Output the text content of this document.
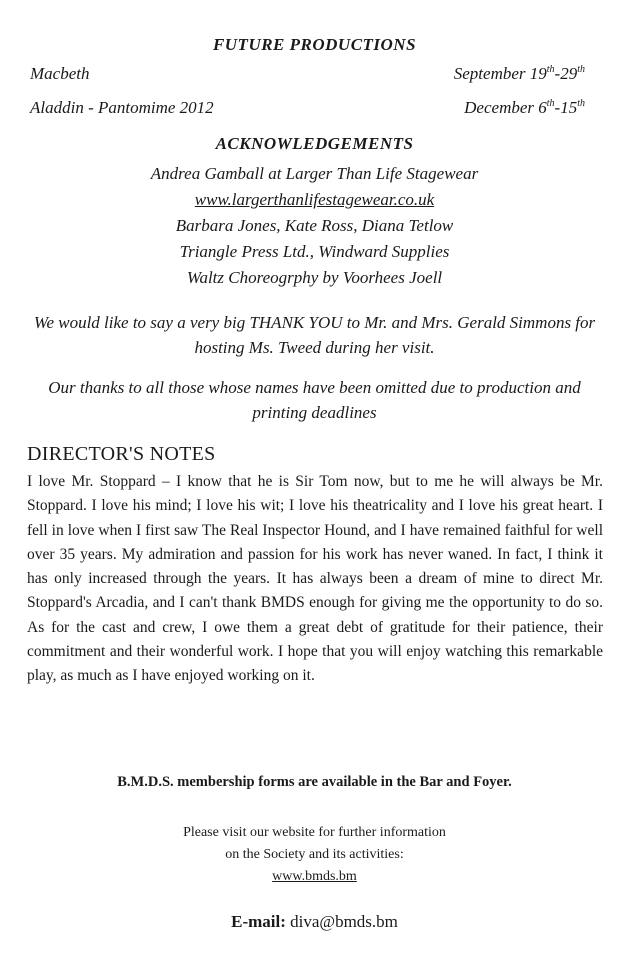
FUTURE PRODUCTIONS
Macbeth	September 19th-29th
Aladdin - Pantomime 2012	December 6th-15th
ACKNOWLEDGEMENTS
Andrea Gamball at Larger Than Life Stagewear
www.largerthanlifestagewear.co.uk
Barbara Jones, Kate Ross, Diana Tetlow
Triangle Press Ltd., Windward Supplies
Waltz Choreogrphy by Voorhees Joell
We would like to say a very big THANK YOU to Mr. and Mrs. Gerald Simmons for hosting Ms. Tweed during her visit.
Our thanks to all those whose names have been omitted due to production and printing deadlines
DIRECTOR'S NOTES
I love Mr. Stoppard – I know that he is Sir Tom now, but to me he will always be Mr. Stoppard. I love his mind; I love his wit; I love his theatricality and I love his great heart. I fell in love when I first saw The Real Inspector Hound, and I have remained faithful for well over 35 years. My admiration and passion for his work has never waned. In fact, I think it has only increased through the years. It has always been a dream of mine to direct Mr. Stoppard's Arcadia, and I can't thank BMDS enough for giving me the opportunity to do so. As for the cast and crew, I owe them a great debt of gratitude for their patience, their commitment and their wonderful work. I hope that you will enjoy watching this remarkable play, as much as I have enjoyed working on it.
B.M.D.S. membership forms are available in the Bar and Foyer.
Please visit our website for further information
on the Society and its activities:
www.bmds.bm
E-mail: diva@bmds.bm
